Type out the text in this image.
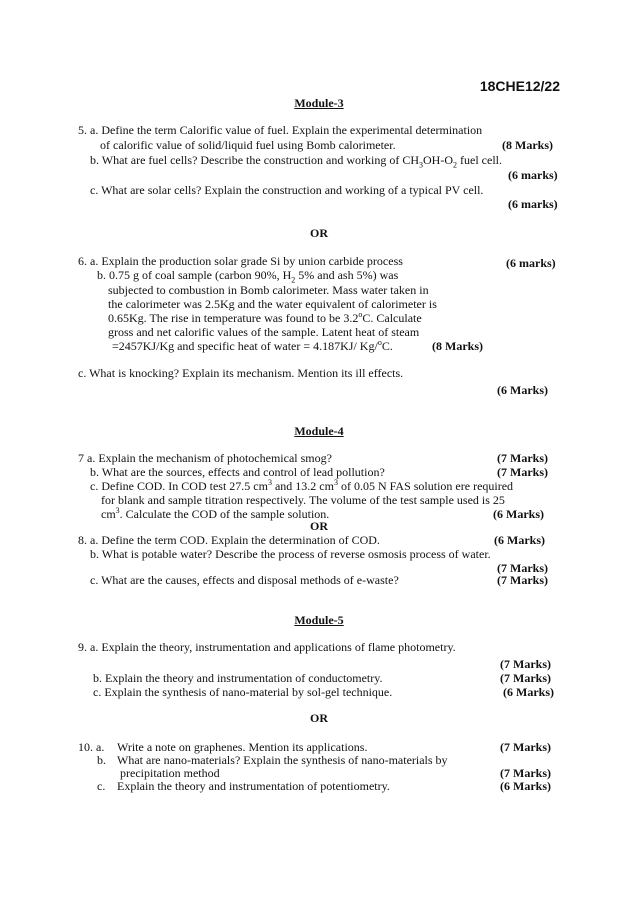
18CHE12/22
Module-3
5. a. Define the term Calorific value of fuel. Explain the experimental determination
of calorific value of solid/liquid fuel using Bomb calorimeter.	(8 Marks)
b. What are fuel cells? Describe the construction and working of $CH_3OH-O_2$ fuel cell.
(6 marks)
c. What are solar cells? Explain the construction and working of a typical PV cell.
(6 marks)
OR
6. a. Explain the production solar grade Si by union carbide process	(6 marks)
b. 0.75 g of coal sample (carbon 90%, $H_2$ 5% and ash 5%) was
subjected to combustion in Bomb calorimeter. Mass water taken in
the calorimeter was 2.5Kg and the water equivalent of calorimeter is
0.65Kg. The rise in temperature was found to be 3.2$^o$C. Calculate
gross and net calorific values of the sample. Latent heat of steam
=2457KJ/Kg and specific heat of water = 4.187KJ/ Kg/$^o$C.	(8 Marks)
c. What is knocking? Explain its mechanism. Mention its ill effects.
(6 Marks)
Module-4
7 a. Explain the mechanism of photochemical smog?	(7 Marks)
b. What are the sources, effects and control of lead pollution?	(7 Marks)
c. Define COD. In COD test 27.5 $cm^3$ and 13.2 $cm^3$ of 0.05 N FAS solution ere required
for blank and sample titration respectively. The volume of the test sample used is 25
$cm^3$. Calculate the COD of the sample solution.	(6 Marks)
OR
8. a. Define the term COD. Explain the determination of COD.	(6 Marks)
b. What is potable water? Describe the process of reverse osmosis process of water.
(7 Marks)
c. What are the causes, effects and disposal methods of e-waste?	(7 Marks)
Module-5
9. a. Explain the theory, instrumentation and applications of flame photometry.
(7 Marks)
b. Explain the theory and instrumentation of conductometry.	(7 Marks)
c. Explain the synthesis of nano-material by sol-gel technique.	(6 Marks)
OR
10. a. Write a note on graphenes. Mention its applications.	(7 Marks)
b. What are nano-materials? Explain the synthesis of nano-materials by
precipitation method	(7 Marks)
c. Explain the theory and instrumentation of potentiometry.	(6 Marks)
